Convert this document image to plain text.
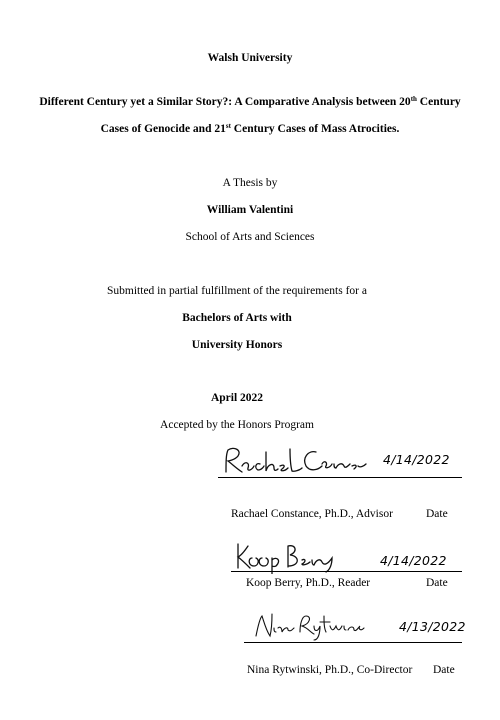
Walsh University
Different Century yet a Similar Story?: A Comparative Analysis between 20th Century
Cases of Genocide and 21st Century Cases of Mass Atrocities.
A Thesis by
William Valentini
School of Arts and Sciences
Submitted in partial fulfillment of the requirements for a
Bachelors of Arts with
University Honors
April 2022
Accepted by the Honors Program
4/14/2022
Rachael Constance, Ph.D., Advisor	Date
4/14/2022
Koop Berry, Ph.D., Reader	Date
4/13/2022
Nina Rytwinski, Ph.D., Co-Director Date
